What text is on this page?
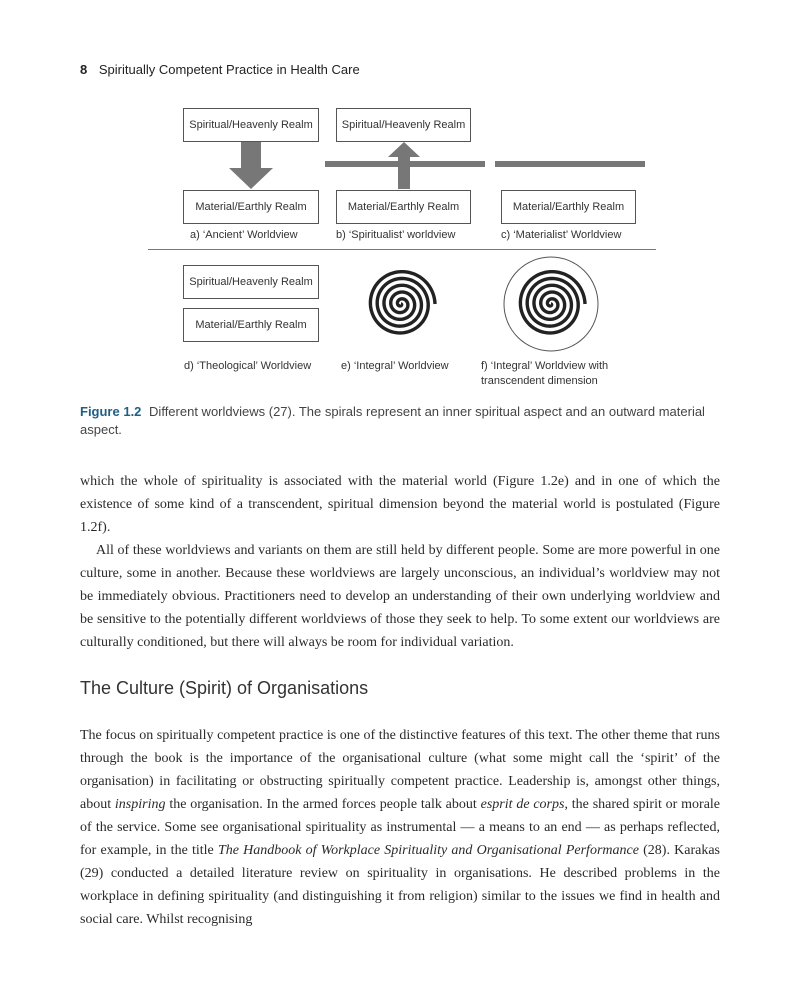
8 Spiritually Competent Practice in Health Care
Spiritual/Heavenly Realm
Material/Earthly Realm
a) ‘Ancient’ Worldview
Spiritual/Heavenly Realm
Material/Earthly Realm
b) ‘Spiritualist’ worldview
Material/Earthly Realm
c) ‘Materialist’ Worldview
Spiritual/Heavenly Realm
Material/Earthly Realm
d) ‘Theological’ Worldview	e) ‘Integral’ Worldview	f) ‘Integral’ Worldview with
transcendent dimension
Figure 1.2 Different worldviews (27). The spirals represent an inner spiritual aspect and an outward material aspect.

which the whole of spirituality is associated with the material world (Figure 1.2e) and in one of which the existence of some kind of a transcendent, spiritual dimension beyond the material world is postulated (Figure 1.2f).

All of these worldviews and variants on them are still held by different people. Some are more powerful in one culture, some in another. Because these worldviews are largely unconscious, an individual’s worldview may not be immediately obvious. Practitioners need to develop an understanding of their own underlying worldview and be sensitive to the potentially different worldviews of those they seek to help. To some extent our worldviews are culturally conditioned, but there will always be room for individual variation.

The Culture (Spirit) of Organisations

The focus on spiritually competent practice is one of the distinctive features of this text. The other theme that runs through the book is the importance of the organisational culture (what some might call the ‘spirit’ of the organisation) in facilitating or obstructing spiritually competent practice. Leadership is, amongst other things, about inspiring the organisation. In the armed forces people talk about esprit de corps, the shared spirit or morale of the service. Some see organisational spirituality as instrumental — a means to an end — as perhaps reflected, for example, in the title The Handbook of Workplace Spirituality and Organisational Performance (28). Karakas (29) conducted a detailed literature review on spirituality in organisations. He described problems in the workplace in defining spirituality (and distinguishing it from religion) similar to the issues we find in health and social care. Whilst recognising
